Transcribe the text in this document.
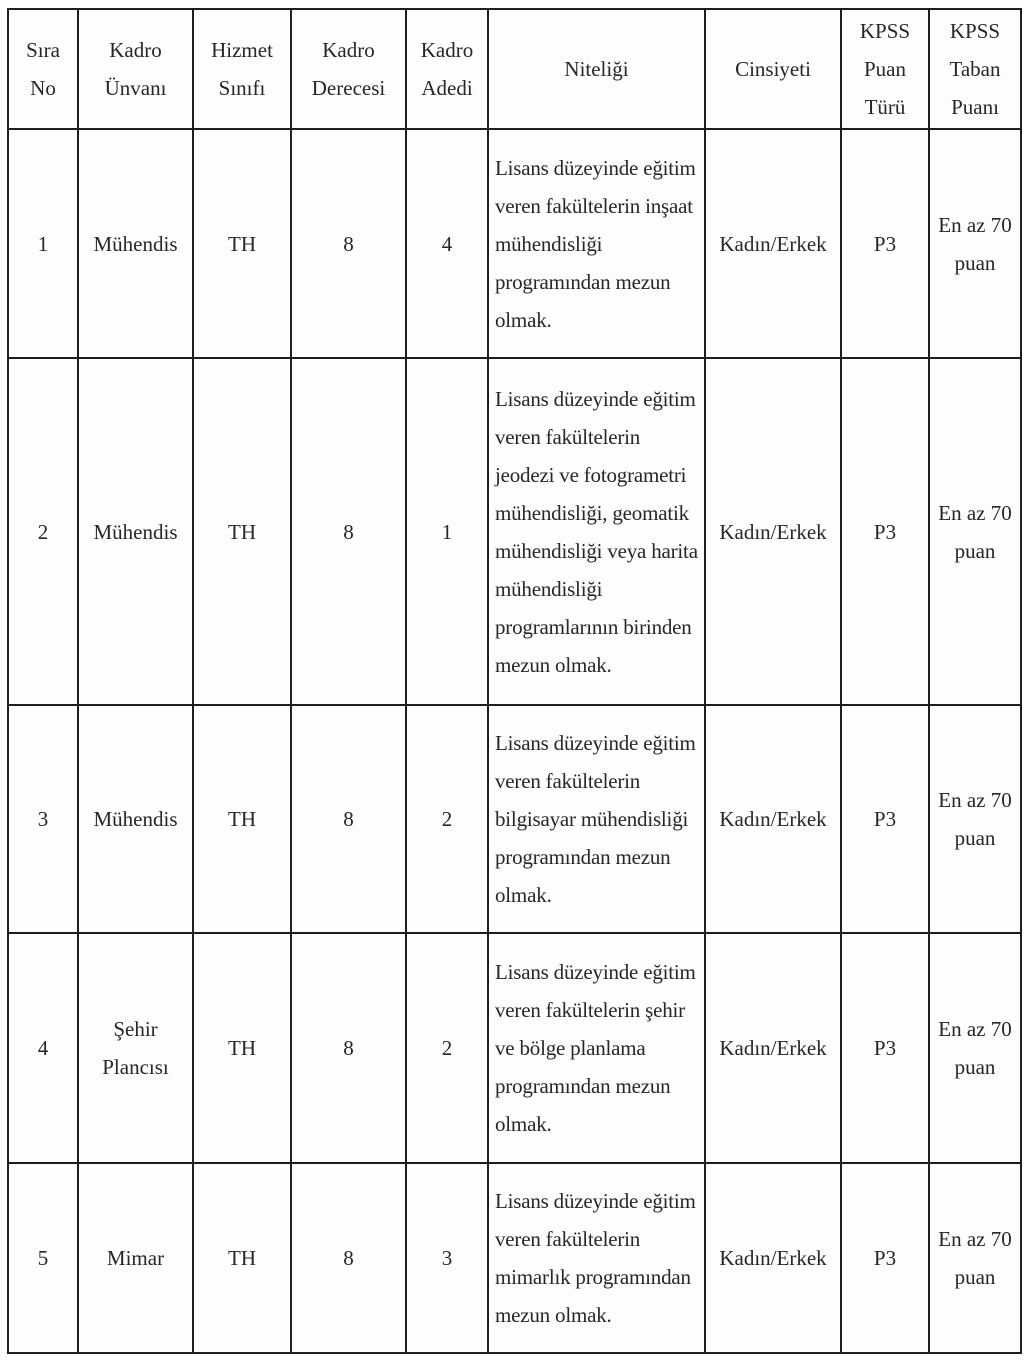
Sıra No	Kadro Ünvanı	Hizmet Sınıfı	Kadro Derecesi	Kadro Adedi	Niteliği	Cinsiyeti	KPSS Puan Türü	KPSS Taban Puanı
1	Mühendis	TH	8	4	Lisans düzeyinde eğitim veren fakültelerin inşaat mühendisliği programından mezun olmak.	Kadın/Erkek	P3	En az 70 puan
2	Mühendis	TH	8	1	Lisans düzeyinde eğitim veren fakültelerin jeodezi ve fotogrametri mühendisliği, geomatik mühendisliği veya harita mühendisliği programlarının birinden mezun olmak.	Kadın/Erkek	P3	En az 70 puan
3	Mühendis	TH	8	2	Lisans düzeyinde eğitim veren fakültelerin bilgisayar mühendisliği programından mezun olmak.	Kadın/Erkek	P3	En az 70 puan
4	Şehir Plancısı	TH	8	2	Lisans düzeyinde eğitim veren fakültelerin şehir ve bölge planlama programından mezun olmak.	Kadın/Erkek	P3	En az 70 puan
5	Mimar	TH	8	3	Lisans düzeyinde eğitim veren fakültelerin mimarlık programından mezun olmak.	Kadın/Erkek	P3	En az 70 puan
